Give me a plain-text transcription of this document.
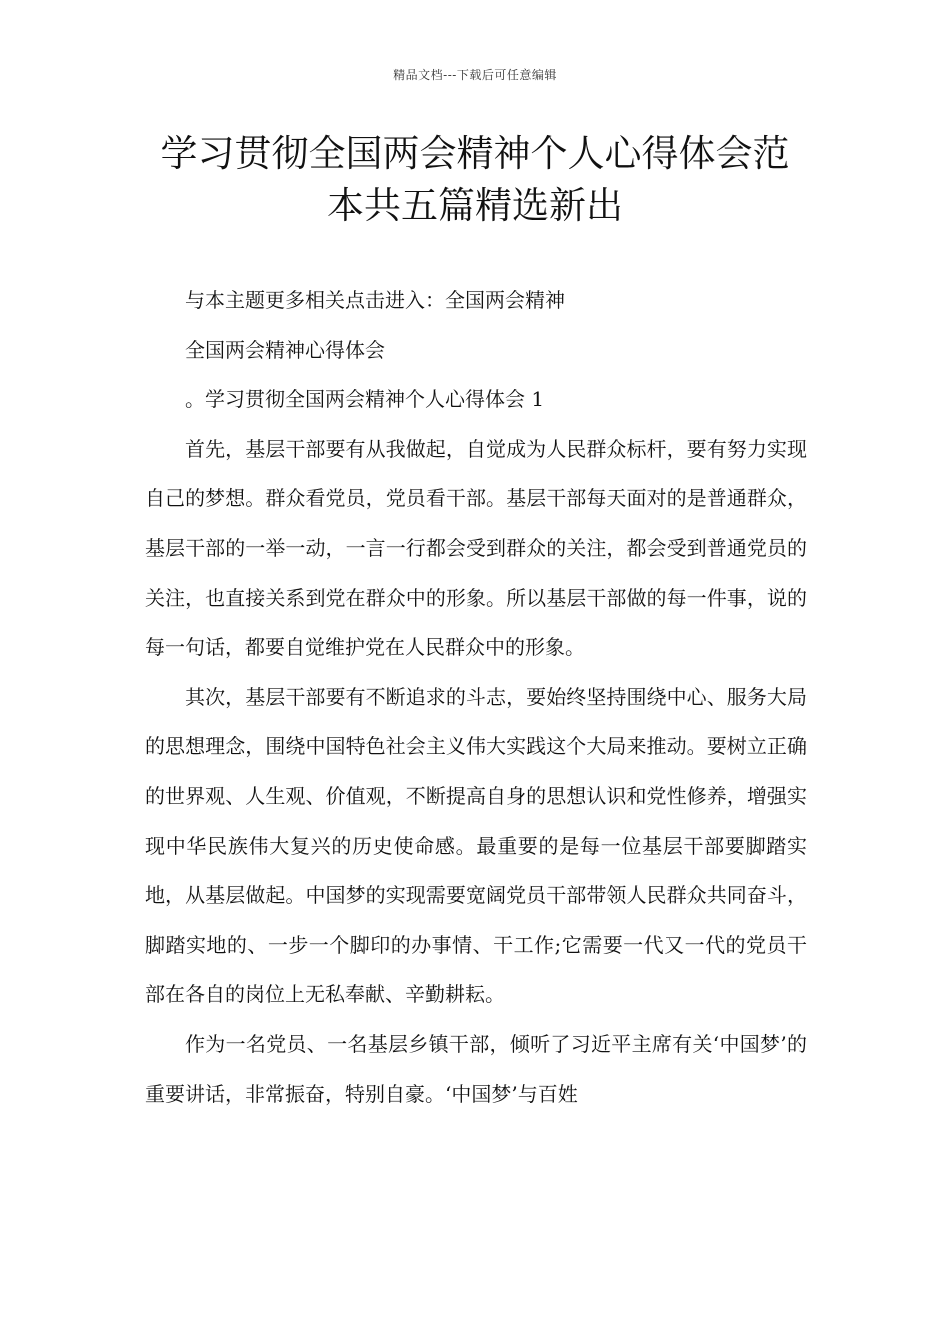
精品文档---下载后可任意编辑
学习贯彻全国两会精神个人心得体会范
本共五篇精选新出

与本主题更多相关点击进入：全国两会精神

全国两会精神心得体会

。学习贯彻全国两会精神个人心得体会 1

首先，基层干部要有从我做起，自觉成为人民群众标杆，要有努力实现自己的梦想。群众看党员，党员看干部。基层干部每天面对的是普通群众，基层干部的一举一动，一言一行都会受到群众的关注，都会受到普通党员的关注，也直接关系到党在群众中的形象。所以基层干部做的每一件事，说的每一句话，都要自觉维护党在人民群众中的形象。

其次，基层干部要有不断追求的斗志，要始终坚持围绕中心、服务大局的思想理念，围绕中国特色社会主义伟大实践这个大局来推动。要树立正确的世界观、人生观、价值观，不断提高自身的思想认识和党性修养，增强实现中华民族伟大复兴的历史使命感。最重要的是每一位基层干部要脚踏实地，从基层做起。中国梦的实现需要宽阔党员干部带领人民群众共同奋斗，脚踏实地的、一步一个脚印的办事情、干工作;它需要一代又一代的党员干部在各自的岗位上无私奉献、辛勤耕耘。

作为一名党员、一名基层乡镇干部，倾听了习近平主席有关‘中国梦’的重要讲话，非常振奋，特别自豪。‘中国梦’与百姓
